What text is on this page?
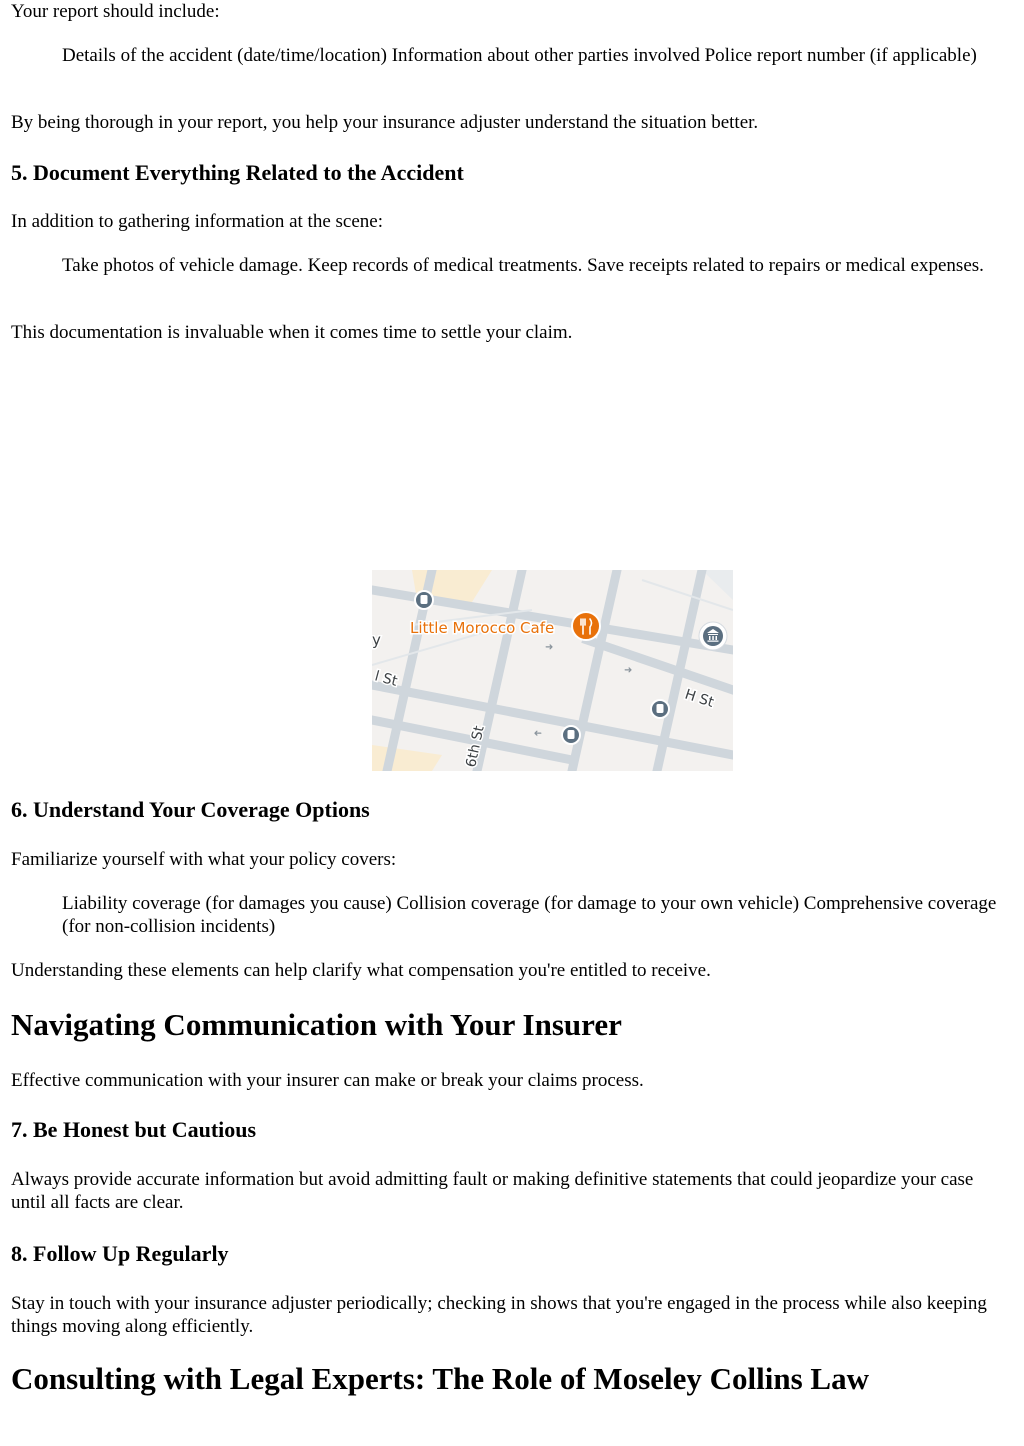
Your report should include:

Details of the accident (date/time/location) Information about other parties involved Police report number (if applicable)

By being thorough in your report, you help your insurance adjuster understand the situation better.

5. Document Everything Related to the Accident

In addition to gathering information at the scene:

Take photos of vehicle damage. Keep records of medical treatments. Save receipts related to repairs or medical expenses.

This documentation is invaluable when it comes time to settle your claim.

➜
➜
➜
Little Morocco Cafe
H St
6th St
l St
y
6. Understand Your Coverage Options

Familiarize yourself with what your policy covers:

Liability coverage (for damages you cause) Collision coverage (for damage to your own vehicle) Comprehensive coverage (for non-collision incidents)

Understanding these elements can help clarify what compensation you're entitled to receive.

Navigating Communication with Your Insurer

Effective communication with your insurer can make or break your claims process.

7. Be Honest but Cautious

Always provide accurate information but avoid admitting fault or making definitive statements that could jeopardize your case until all facts are clear.

8. Follow Up Regularly

Stay in touch with your insurance adjuster periodically; checking in shows that you're engaged in the process while also keeping things moving along efficiently.

Consulting with Legal Experts: The Role of Moseley Collins Law
